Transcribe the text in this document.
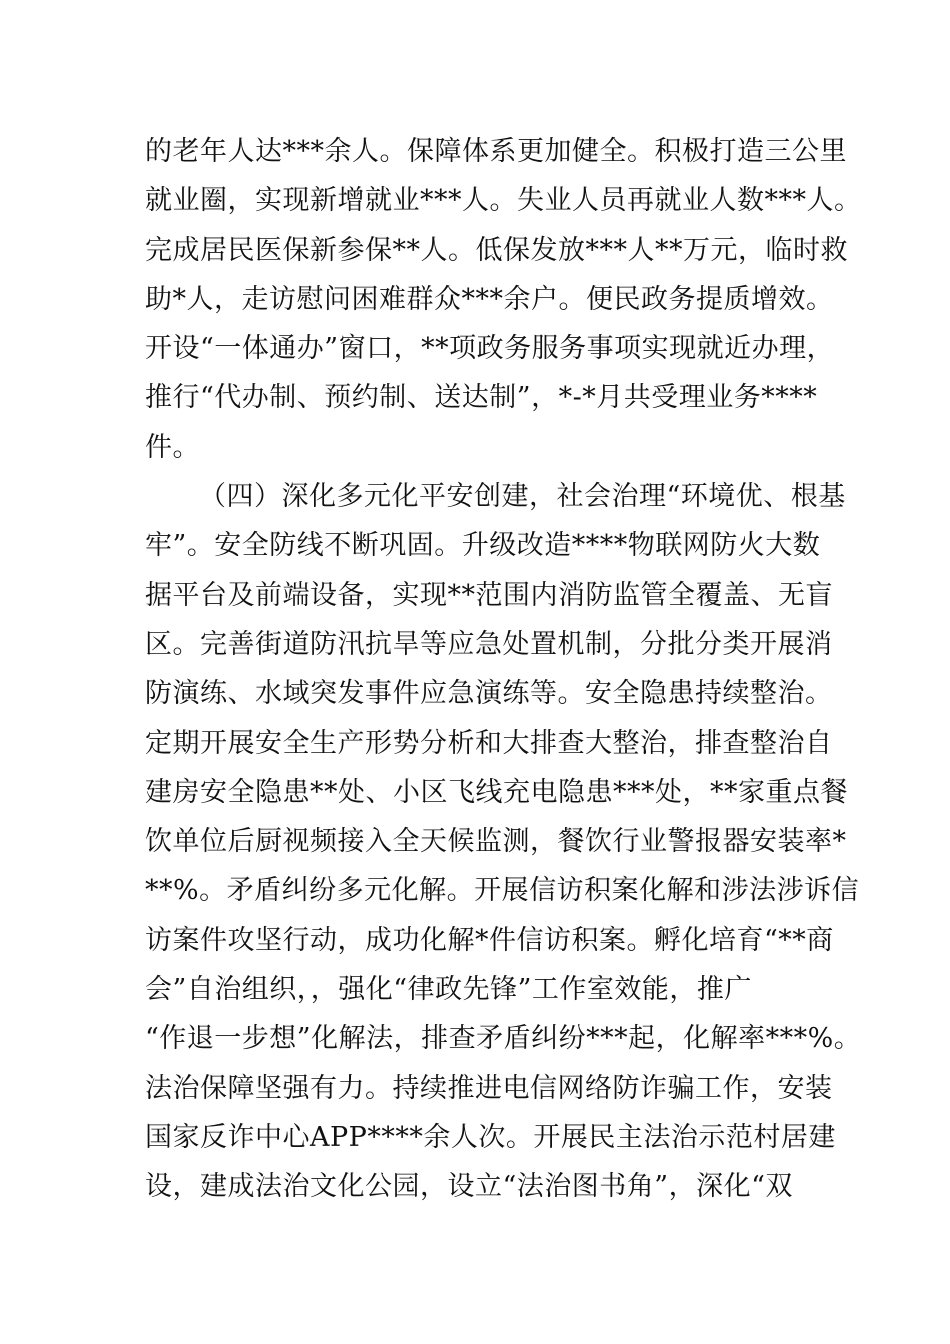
的老年人达***余人。保障体系更加健全。积极打造三公里
就业圈，实现新增就业***人。失业人员再就业人数***人。
完成居民医保新参保**人。低保发放***人**万元，临时救
助*人，走访慰问困难群众***余户。便民政务提质增效。
开设“一体通办”窗口，**项政务服务事项实现就近办理，
推行“代办制、预约制、送达制”，*-*月共受理业务****
件。
（四）深化多元化平安创建，社会治理“环境优、根基
牢”。安全防线不断巩固。升级改造****物联网防火大数
据平台及前端设备，实现**范围内消防监管全覆盖、无盲
区。完善街道防汛抗旱等应急处置机制，分批分类开展消
防演练、水域突发事件应急演练等。安全隐患持续整治。
定期开展安全生产形势分析和大排查大整治，排查整治自
建房安全隐患**处、小区飞线充电隐患***处，**家重点餐
饮单位后厨视频接入全天候监测，餐饮行业警报器安装率*
**%。矛盾纠纷多元化解。开展信访积案化解和涉法涉诉信
访案件攻坚行动，成功化解*件信访积案。孵化培育“**商
会”自治组织，，强化“律政先锋”工作室效能，推广
“作退一步想”化解法，排查矛盾纠纷***起，化解率***%。
法治保障坚强有力。持续推进电信网络防诈骗工作，安装
国家反诈中心APP****余人次。开展民主法治示范村居建
设，建成法治文化公园，设立“法治图书角”，深化“双
